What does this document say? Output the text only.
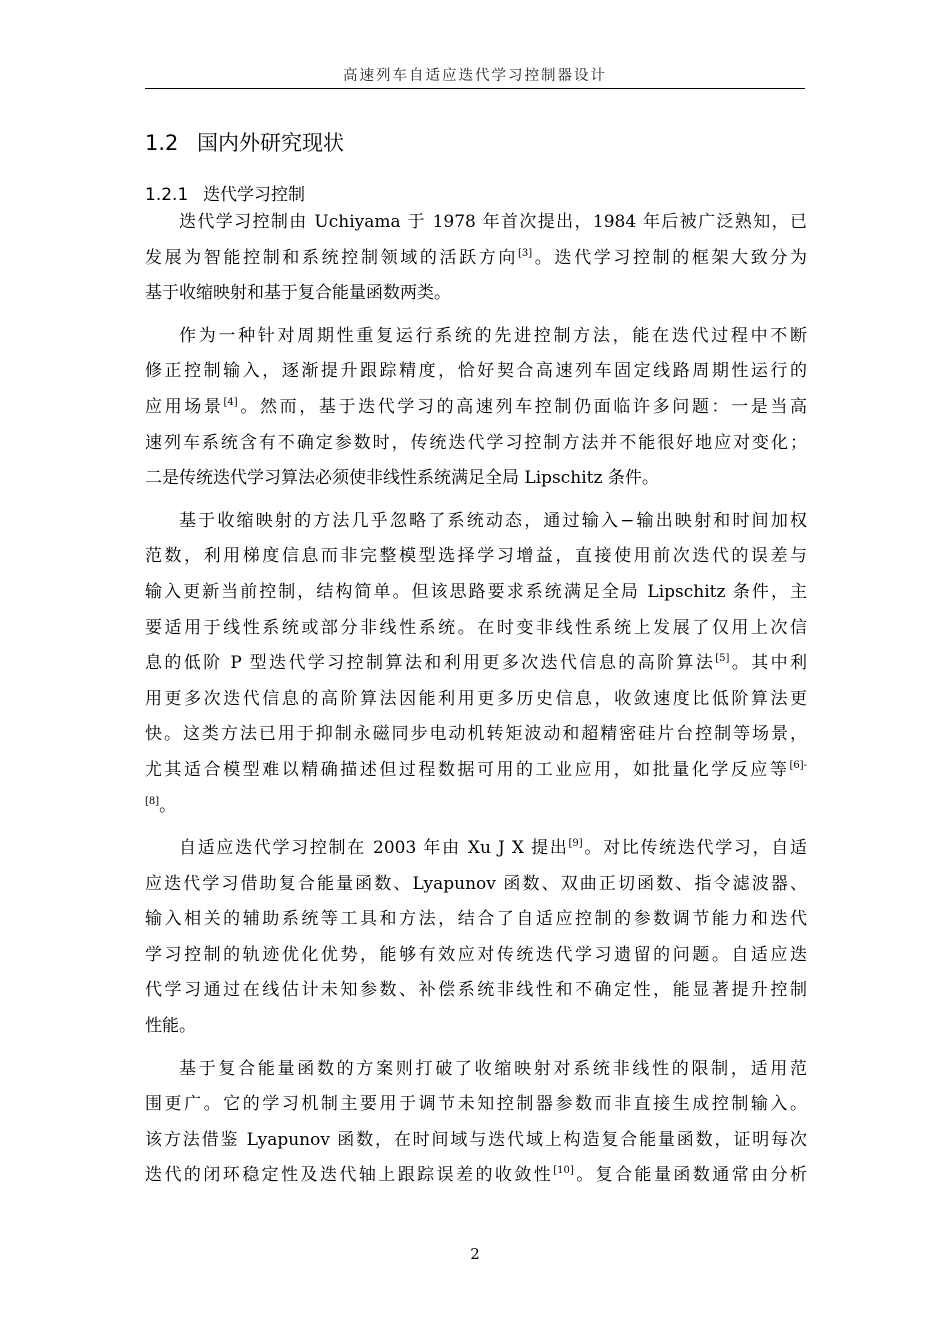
高速列车自适应迭代学习控制器设计
1.2 国内外研究现状
1.2.1 迭代学习控制
迭代学习控制由 Uchiyama 于 1978 年首次提出，1984 年后被广泛熟知，已
发展为智能控制和系统控制领域的活跃方向[3]。迭代学习控制的框架大致分为
基于收缩映射和基于复合能量函数两类。
作为一种针对周期性重复运行系统的先进控制方法，能在迭代过程中不断
修正控制输入，逐渐提升跟踪精度，恰好契合高速列车固定线路周期性运行的
应用场景[4]。然而，基于迭代学习的高速列车控制仍面临许多问题：一是当高
速列车系统含有不确定参数时，传统迭代学习控制方法并不能很好地应对变化；
二是传统迭代学习算法必须使非线性系统满足全局 Lipschitz 条件。
基于收缩映射的方法几乎忽略了系统动态，通过输入−输出映射和时间加权
范数，利用梯度信息而非完整模型选择学习增益，直接使用前次迭代的误差与
输入更新当前控制，结构简单。但该思路要求系统满足全局 Lipschitz 条件，主
要适用于线性系统或部分非线性系统。在时变非线性系统上发展了仅用上次信
息的低阶 P 型迭代学习控制算法和利用更多次迭代信息的高阶算法[5]。其中利
用更多次迭代信息的高阶算法因能利用更多历史信息，收敛速度比低阶算法更
快。这类方法已用于抑制永磁同步电动机转矩波动和超精密硅片台控制等场景，
尤其适合模型难以精确描述但过程数据可用的工业应用，如批量化学反应等$^{[6]-}$
[8]。
自适应迭代学习控制在 2003 年由 Xu J X 提出[9]。对比传统迭代学习，自适
应迭代学习借助复合能量函数、Lyapunov 函数、双曲正切函数、指令滤波器、
输入相关的辅助系统等工具和方法，结合了自适应控制的参数调节能力和迭代
学习控制的轨迹优化优势，能够有效应对传统迭代学习遗留的问题。自适应迭
代学习通过在线估计未知参数、补偿系统非线性和不确定性，能显著提升控制
性能。
基于复合能量函数的方案则打破了收缩映射对系统非线性的限制，适用范
围更广。它的学习机制主要用于调节未知控制器参数而非直接生成控制输入。
该方法借鉴 Lyapunov 函数，在时间域与迭代域上构造复合能量函数，证明每次
迭代的闭环稳定性及迭代轴上跟踪误差的收敛性[10]。复合能量函数通常由分析
2
